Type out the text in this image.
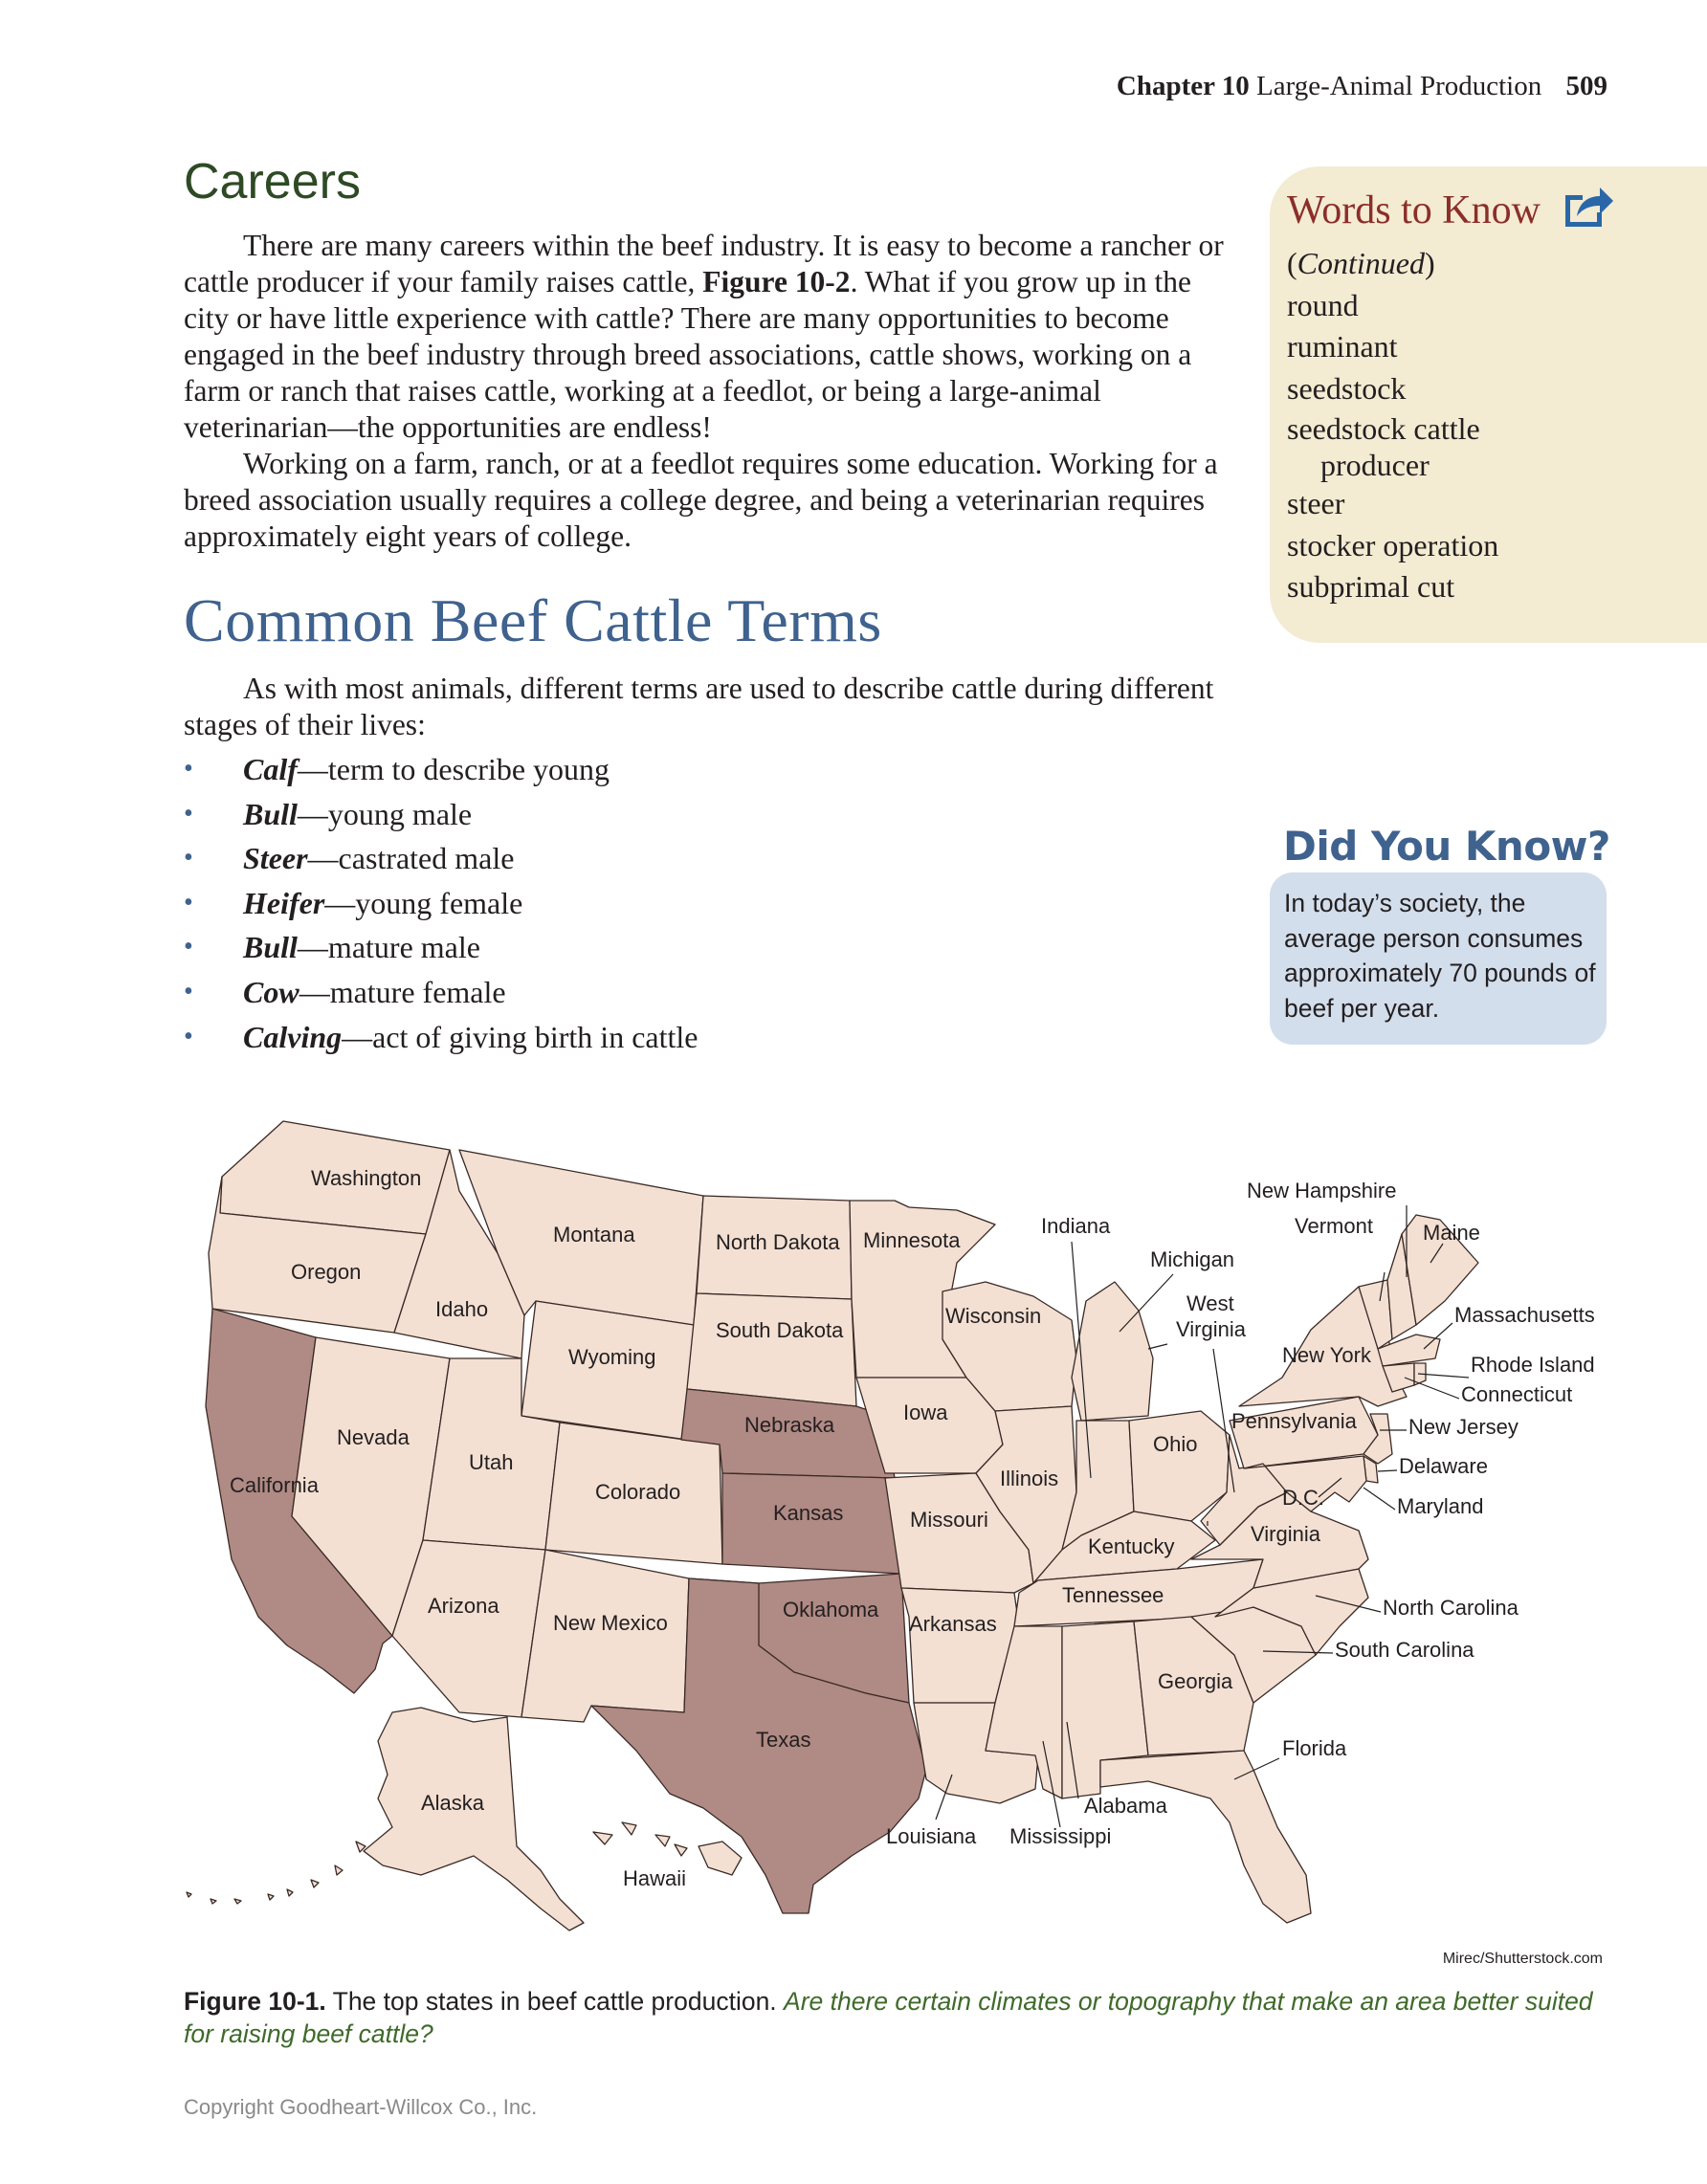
Chapter 10 Large-Animal Production 509
Careers

There are many careers within the beef industry. It is easy to become a rancher or cattle producer if your family raises cattle, Figure 10-2. What if you grow up in the city or have little experience with cattle? There are many opportunities to become engaged in the beef industry through breed associations, cattle shows, working on a farm or ranch that raises cattle, working at a feedlot, or being a large-animal veterinarian—the opportunities are endless!

Working on a farm, ranch, or at a feedlot requires some education. Working for a breed association usually requires a college degree, and being a veterinarian requires approximately eight years of college.

Common Beef Cattle Terms

As with most animals, different terms are used to describe cattle during different stages of their lives:

• Calf—term to describe young
• Bull—young male
• Steer—castrated male
• Heifer—young female
• Bull—mature male
• Cow—mature female
• Calving—act of giving birth in cattle
Words to Know
(Continued)
round
ruminant
seedstock
seedstock cattle
producer
steer
stocker operation
subprimal cut
Did You Know?
In today’s society, the average person consumes approximately 70 pounds of beef per year.
Washington
Oregon
California
Idaho
Nevada
Montana
Wyoming
Utah
Colorado
Arizona
New Mexico
North Dakota
South Dakota
Nebraska
Kansas
Oklahoma
Texas
Minnesota
Iowa
Missouri
Arkansas
Louisiana
Wisconsin
Illinois
Michigan
Indiana
Ohio
Kentucky
Tennessee
Mississippi
Alabama
Georgia
Florida
South Carolina
North Carolina
Virginia
West
Virginia
Pennsylvania
New York
Vermont
New Hampshire
Maine
Massachusetts
Rhode Island
Connecticut
New Jersey
Delaware
Maryland
D.C.
Alaska
Hawaii
Mirec/Shutterstock.com
Figure 10-1. The top states in beef cattle production. Are there certain climates or topography that make an area better suited for raising beef cattle?
Copyright Goodheart-Willcox Co., Inc.
